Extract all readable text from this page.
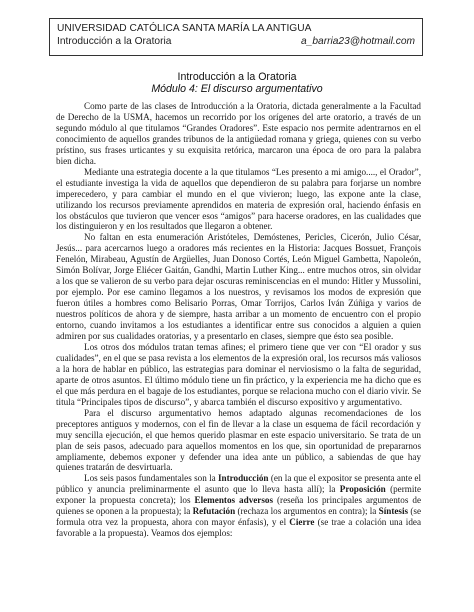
UNIVERSIDAD CATÓLICA SANTA MARÍA LA ANTIGUA
Introducción a la Oratoria	a_barria23@hotmail.com
Introducción a la Oratoria
Módulo 4: El discurso argumentativo

Como parte de las clases de Introducción a la Oratoria, dictada generalmente a la Facultad de Derecho de la USMA, hacemos un recorrido por los orígenes del arte oratorio, a través de un segundo módulo al que titulamos “Grandes Oradores”. Este espacio nos permite adentrarnos en el conocimiento de aquellos grandes tribunos de la antigüedad romana y griega, quienes con su verbo prístino, sus frases urticantes y su exquisita retórica, marcaron una época de oro para la palabra bien dicha.

Mediante una estrategia docente a la que titulamos “Les presento a mi amigo...., el Orador”, el estudiante investiga la vida de aquellos que dependieron de su palabra para forjarse un nombre imperecedero, y para cambiar el mundo en el que vivieron; luego, las expone ante la clase, utilizando los recursos previamente aprendidos en materia de expresión oral, haciendo énfasis en los obstáculos que tuvieron que vencer esos “amigos” para hacerse oradores, en las cualidades que los distinguieron y en los resultados que llegaron a obtener.

No faltan en esta enumeración Aristóteles, Demóstenes, Pericles, Cicerón, Julio César, Jesús... para acercarnos luego a oradores más recientes en la Historia: Jacques Bossuet, François Fenelón, Mirabeau, Agustín de Argüelles, Juan Donoso Cortés, León Miguel Gambetta, Napoleón, Simón Bolívar, Jorge Eliécer Gaitán, Gandhi, Martin Luther King... entre muchos otros, sin olvidar a los que se valieron de su verbo para dejar oscuras reminiscencias en el mundo: Hitler y Mussolini, por ejemplo. Por ese camino llegamos a los nuestros, y revisamos los modos de expresión que fueron útiles a hombres como Belisario Porras, Omar Torrijos, Carlos Iván Zúñiga y varios de nuestros políticos de ahora y de siempre, hasta arribar a un momento de encuentro con el propio entorno, cuando invitamos a los estudiantes a identificar entre sus conocidos a alguien a quien admiren por sus cualidades oratorias, y a presentarlo en clases, siempre que ésto sea posible.

Los otros dos módulos tratan temas afines; el primero tiene que ver con “El orador y sus cualidades”, en el que se pasa revista a los elementos de la expresión oral, los recursos más valiosos a la hora de hablar en público, las estrategias para dominar el nerviosismo o la falta de seguridad, aparte de otros asuntos. El último módulo tiene un fin práctico, y la experiencia me ha dicho que es el que más perdura en el bagaje de los estudiantes, porque se relaciona mucho con el diario vivir. Se titula “Principales tipos de discurso”, y abarca también el discurso expositivo y argumentativo.

Para el discurso argumentativo hemos adaptado algunas recomendaciones de los preceptores antiguos y modernos, con el fin de llevar a la clase un esquema de fácil recordación y muy sencilla ejecución, el que hemos querido plasmar en este espacio universitario. Se trata de un plan de seis pasos, adecuado para aquellos momentos en los que, sin oportunidad de prepararnos ampliamente, debemos exponer y defender una idea ante un público, a sabiendas de que hay quienes tratarán de desvirtuarla.

Los seis pasos fundamentales son la Introducción (en la que el expositor se presenta ante el público y anuncia preliminarmente el asunto que lo lleva hasta allí); la Proposición (permite exponer la propuesta concreta); los Elementos adversos (reseña los principales argumentos de quienes se oponen a la propuesta); la Refutación (rechaza los argumentos en contra); la Síntesis (se formula otra vez la propuesta, ahora con mayor énfasis), y el Cierre (se trae a colación una idea favorable a la propuesta). Veamos dos ejemplos:
